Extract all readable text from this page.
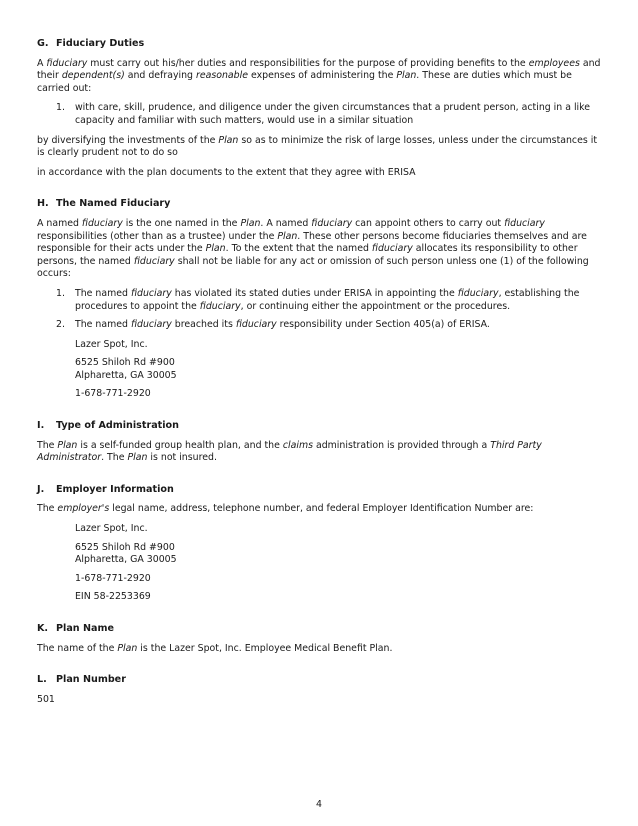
G. Fiduciary Duties

A fiduciary must carry out his/her duties and responsibilities for the purpose of providing benefits to the employees and their dependent(s) and defraying reasonable expenses of administering the Plan. These are duties which must be carried out:

1.	with care, skill, prudence, and diligence under the given circumstances that a prudent person, acting in a like capacity and familiar with such matters, would use in a similar situation

by diversifying the investments of the Plan so as to minimize the risk of large losses, unless under the circumstances it is clearly prudent not to do so

in accordance with the plan documents to the extent that they agree with ERISA

H. The Named Fiduciary

A named fiduciary is the one named in the Plan. A named fiduciary can appoint others to carry out fiduciary responsibilities (other than as a trustee) under the Plan. These other persons become fiduciaries themselves and are responsible for their acts under the Plan. To the extent that the named fiduciary allocates its responsibility to other persons, the named fiduciary shall not be liable for any act or omission of such person unless one (1) of the following occurs:

1.	The named fiduciary has violated its stated duties under ERISA in appointing the fiduciary, establishing the procedures to appoint the fiduciary, or continuing either the appointment or the procedures.
2.	The named fiduciary breached its fiduciary responsibility under Section 405(a) of ERISA.

Lazer Spot, Inc.

6525 Shiloh Rd #900
Alpharetta, GA 30005

1-678-771-2920

I.	Type of Administration

The Plan is a self-funded group health plan, and the claims administration is provided through a Third Party Administrator. The Plan is not insured.

J.	Employer Information

The employer's legal name, address, telephone number, and federal Employer Identification Number are:

Lazer Spot, Inc.

6525 Shiloh Rd #900
Alpharetta, GA 30005

1-678-771-2920

EIN 58-2253369

K. Plan Name

The name of the Plan is the Lazer Spot, Inc. Employee Medical Benefit Plan.

L. Plan Number

501

4
